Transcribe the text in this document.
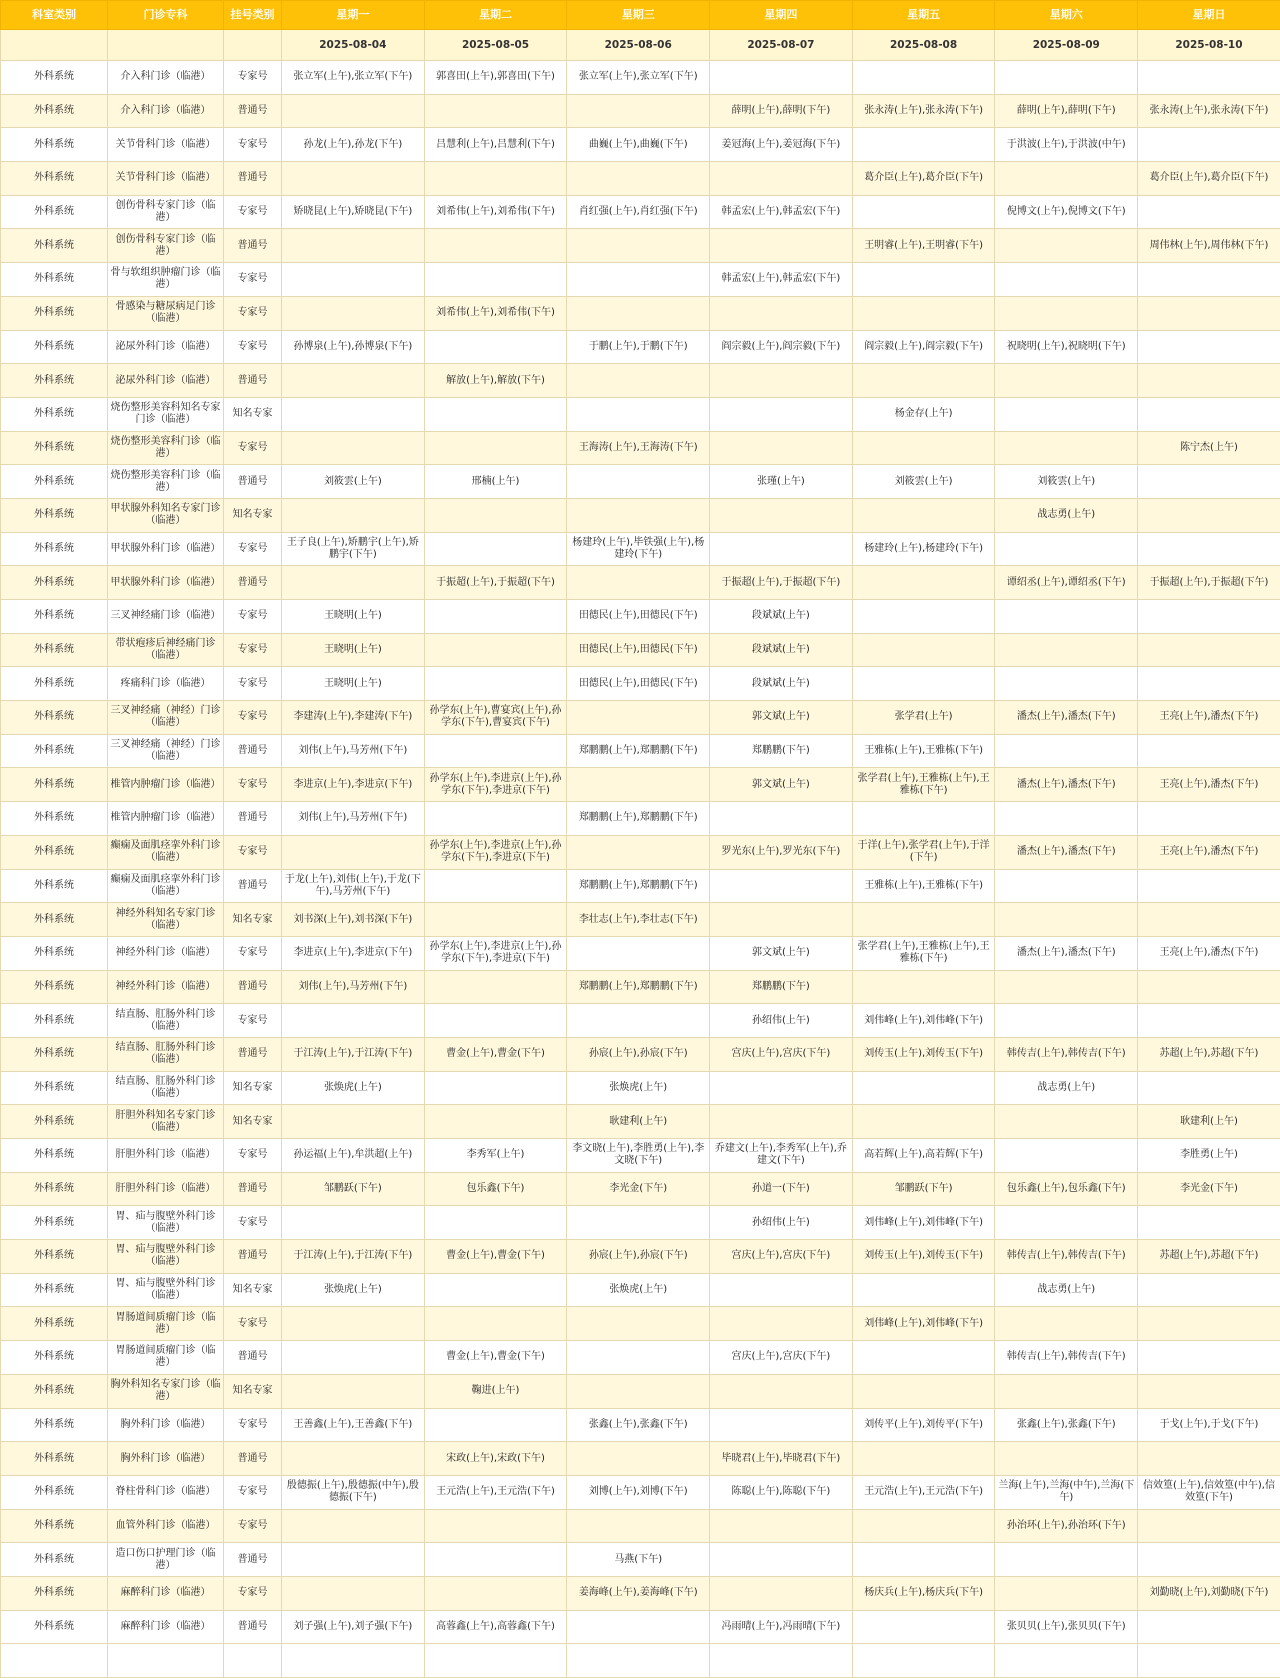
科室类别	门诊专科	挂号类别	星期一	星期二	星期三	星期四	星期五	星期六	星期日
			2025-08-04	2025-08-05	2025-08-06	2025-08-07	2025-08-08	2025-08-09	2025-08-10
外科系统	介入科门诊（临港）	专家号	张立军(上午),张立军(下午)	郭喜田(上午),郭喜田(下午)	张立军(上午),张立军(下午)				
外科系统	介入科门诊（临港）	普通号				薛明(上午),薛明(下午)	张永涛(上午),张永涛(下午)	薛明(上午),薛明(下午)	张永涛(上午),张永涛(下午)
外科系统	关节骨科门诊（临港）	专家号	孙龙(上午),孙龙(下午)	吕慧利(上午),吕慧利(下午)	曲巍(上午),曲巍(下午)	姜冠海(上午),姜冠海(下午)		于洪波(上午),于洪波(中午)	
外科系统	关节骨科门诊（临港）	普通号					葛介臣(上午),葛介臣(下午)		葛介臣(上午),葛介臣(下午)
外科系统	创伤骨科专家门诊（临港）	专家号	矫晓昆(上午),矫晓昆(下午)	刘希伟(上午),刘希伟(下午)	肖红强(上午),肖红强(下午)	韩孟宏(上午),韩孟宏(下午)		倪博文(上午),倪博文(下午)	
外科系统	创伤骨科专家门诊（临港）	普通号					王明睿(上午),王明睿(下午)		周伟林(上午),周伟林(下午)
外科系统	骨与软组织肿瘤门诊（临港）	专家号				韩孟宏(上午),韩孟宏(下午)			
外科系统	骨感染与糖尿病足门诊（临港）	专家号		刘希伟(上午),刘希伟(下午)					
外科系统	泌尿外科门诊（临港）	专家号	孙博泉(上午),孙博泉(下午)		于鹏(上午),于鹏(下午)	阎宗毅(上午),阎宗毅(下午)	阎宗毅(上午),阎宗毅(下午)	祝晓明(上午),祝晓明(下午)	
外科系统	泌尿外科门诊（临港）	普通号		解放(上午),解放(下午)					
外科系统	烧伤整形美容科知名专家门诊（临港）	知名专家					杨金存(上午)		
外科系统	烧伤整形美容科门诊（临港）	专家号			王海涛(上午),王海涛(下午)				陈宁杰(上午)
外科系统	烧伤整形美容科门诊（临港）	普通号	刘筱雲(上午)	邢楠(上午)		张瑾(上午)	刘筱雲(上午)	刘筱雲(上午)	
外科系统	甲状腺外科知名专家门诊（临港）	知名专家						战志勇(上午)	
外科系统	甲状腺外科门诊（临港）	专家号	王子良(上午),矫鹏宇(上午),矫鹏宇(下午)		杨建玲(上午),毕铁强(上午),杨建玲(下午)		杨建玲(上午),杨建玲(下午)		
外科系统	甲状腺外科门诊（临港）	普通号		于振超(上午),于振超(下午)		于振超(上午),于振超(下午)		谭绍丞(上午),谭绍丞(下午)	于振超(上午),于振超(下午)
外科系统	三叉神经痛门诊（临港）	专家号	王晓明(上午)		田德民(上午),田德民(下午)	段斌斌(上午)			
外科系统	带状疱疹后神经痛门诊（临港）	专家号	王晓明(上午)		田德民(上午),田德民(下午)	段斌斌(上午)			
外科系统	疼痛科门诊（临港）	专家号	王晓明(上午)		田德民(上午),田德民(下午)	段斌斌(上午)			
外科系统	三叉神经痛（神经）门诊（临港）	专家号	李建涛(上午),李建涛(下午)	孙学东(上午),曹宴宾(上午),孙学东(下午),曹宴宾(下午)		郭文斌(上午)	张学君(上午)	潘杰(上午),潘杰(下午)	王亮(上午),潘杰(下午)
外科系统	三叉神经痛（神经）门诊（临港）	普通号	刘伟(上午),马芳州(下午)		郑鹏鹏(上午),郑鹏鹏(下午)	郑鹏鹏(下午)	王雅栋(上午),王雅栋(下午)		
外科系统	椎管内肿瘤门诊（临港）	专家号	李进京(上午),李进京(下午)	孙学东(上午),李进京(上午),孙学东(下午),李进京(下午)		郭文斌(上午)	张学君(上午),王雅栋(上午),王雅栋(下午)	潘杰(上午),潘杰(下午)	王亮(上午),潘杰(下午)
外科系统	椎管内肿瘤门诊（临港）	普通号	刘伟(上午),马芳州(下午)		郑鹏鹏(上午),郑鹏鹏(下午)				
外科系统	癫痫及面肌痉挛外科门诊（临港）	专家号		孙学东(上午),李进京(上午),孙学东(下午),李进京(下午)		罗光东(上午),罗光东(下午)	于洋(上午),张学君(上午),于洋(下午)	潘杰(上午),潘杰(下午)	王亮(上午),潘杰(下午)
外科系统	癫痫及面肌痉挛外科门诊（临港）	普通号	于龙(上午),刘伟(上午),于龙(下午),马芳州(下午)		郑鹏鹏(上午),郑鹏鹏(下午)		王雅栋(上午),王雅栋(下午)		
外科系统	神经外科知名专家门诊（临港）	知名专家	刘书深(上午),刘书深(下午)		李壮志(上午),李壮志(下午)				
外科系统	神经外科门诊（临港）	专家号	李进京(上午),李进京(下午)	孙学东(上午),李进京(上午),孙学东(下午),李进京(下午)		郭文斌(上午)	张学君(上午),王雅栋(上午),王雅栋(下午)	潘杰(上午),潘杰(下午)	王亮(上午),潘杰(下午)
外科系统	神经外科门诊（临港）	普通号	刘伟(上午),马芳州(下午)		郑鹏鹏(上午),郑鹏鹏(下午)	郑鹏鹏(下午)			
外科系统	结直肠、肛肠外科门诊（临港）	专家号				孙绍伟(上午)	刘伟峰(上午),刘伟峰(下午)		
外科系统	结直肠、肛肠外科门诊（临港）	普通号	于江涛(上午),于江涛(下午)	曹金(上午),曹金(下午)	孙宸(上午),孙宸(下午)	宫庆(上午),宫庆(下午)	刘传玉(上午),刘传玉(下午)	韩传吉(上午),韩传吉(下午)	苏超(上午),苏超(下午)
外科系统	结直肠、肛肠外科门诊（临港）	知名专家	张焕虎(上午)		张焕虎(上午)			战志勇(上午)	
外科系统	肝胆外科知名专家门诊（临港）	知名专家			耿建利(上午)				耿建利(上午)
外科系统	肝胆外科门诊（临港）	专家号	孙运福(上午),牟洪超(上午)	李秀军(上午)	李文晓(上午),李胜勇(上午),李文晓(下午)	乔建文(上午),李秀军(上午),乔建文(下午)	高若辉(上午),高若辉(下午)		李胜勇(上午)
外科系统	肝胆外科门诊（临港）	普通号	邹鹏跃(下午)	包乐鑫(下午)	李光金(下午)	孙道一(下午)	邹鹏跃(下午)	包乐鑫(上午),包乐鑫(下午)	李光金(下午)
外科系统	胃、疝与腹壁外科门诊（临港）	专家号				孙绍伟(上午)	刘伟峰(上午),刘伟峰(下午)		
外科系统	胃、疝与腹壁外科门诊（临港）	普通号	于江涛(上午),于江涛(下午)	曹金(上午),曹金(下午)	孙宸(上午),孙宸(下午)	宫庆(上午),宫庆(下午)	刘传玉(上午),刘传玉(下午)	韩传吉(上午),韩传吉(下午)	苏超(上午),苏超(下午)
外科系统	胃、疝与腹壁外科门诊（临港）	知名专家	张焕虎(上午)		张焕虎(上午)			战志勇(上午)	
外科系统	胃肠道间质瘤门诊（临港）	专家号					刘伟峰(上午),刘伟峰(下午)		
外科系统	胃肠道间质瘤门诊（临港）	普通号		曹金(上午),曹金(下午)		宫庆(上午),宫庆(下午)		韩传吉(上午),韩传吉(下午)	
外科系统	胸外科知名专家门诊（临港）	知名专家		鞠进(上午)					
外科系统	胸外科门诊（临港）	专家号	王善鑫(上午),王善鑫(下午)		张鑫(上午),张鑫(下午)		刘传平(上午),刘传平(下午)	张鑫(上午),张鑫(下午)	于戈(上午),于戈(下午)
外科系统	胸外科门诊（临港）	普通号		宋政(上午),宋政(下午)		毕晓君(上午),毕晓君(下午)			
外科系统	脊柱骨科门诊（临港）	专家号	殷德振(上午),殷德振(中午),殷德振(下午)	王元浩(上午),王元浩(下午)	刘博(上午),刘博(下午)	陈聪(上午),陈聪(下午)	王元浩(上午),王元浩(下午)	兰海(上午),兰海(中午),兰海(下午)	信效篁(上午),信效篁(中午),信效篁(下午)
外科系统	血管外科门诊（临港）	专家号						孙治环(上午),孙治环(下午)	
外科系统	造口伤口护理门诊（临港）	普通号			马燕(下午)				
外科系统	麻醉科门诊（临港）	专家号			姜海峰(上午),姜海峰(下午)		杨庆兵(上午),杨庆兵(下午)		刘勤晓(上午),刘勤晓(下午)
外科系统	麻醉科门诊（临港）	普通号	刘子强(上午),刘子强(下午)	高蓉鑫(上午),高蓉鑫(下午)		冯雨晴(上午),冯雨晴(下午)		张贝贝(上午),张贝贝(下午)	
